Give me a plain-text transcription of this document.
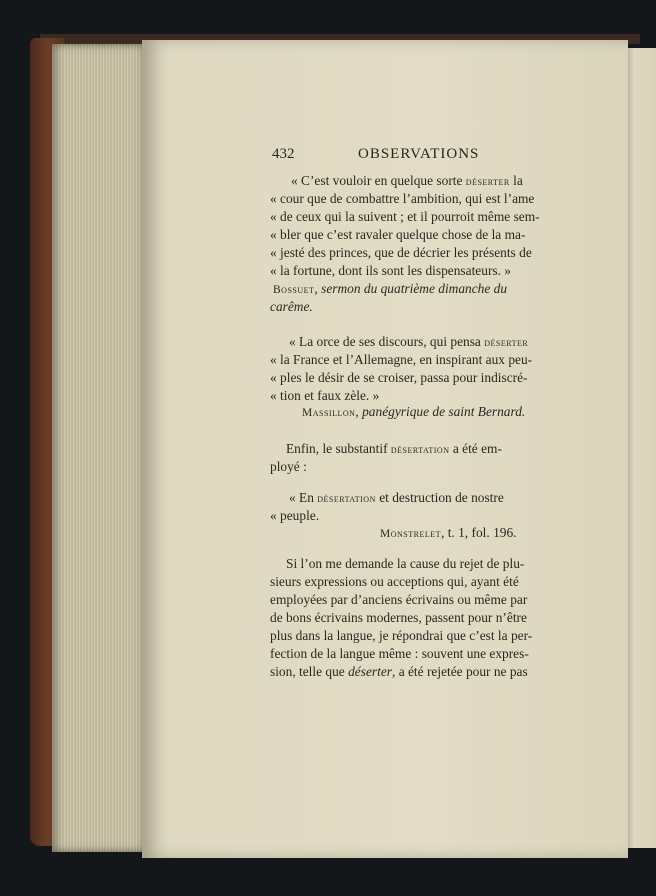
432	OBSERVATIONS
« C’est vouloir en quelque sorte déserter la
« cour que de combattre l’ambition, qui est l’ame
« de ceux qui la suivent ; et il pourroit même sem-
« bler que c’est ravaler quelque chose de la ma-
« jesté des princes, que de décrier les présents de
« la fortune, dont ils sont les dispensateurs. »
Bossuet, sermon du quatrième dimanche du
carême.
« La orce de ses discours, qui pensa déserter
« la France et l’Allemagne, en inspirant aux peu-
« ples le désir de se croiser, passa pour indiscré-
« tion et faux zèle. »
Massillon, panégyrique de saint Bernard.
Enfin, le substantif désertation a été em-
ployé :
« En désertation et destruction de nostre
« peuple.
Monstrelet, t. 1, fol. 196.
Si l’on me demande la cause du rejet de plu-
sieurs expressions ou acceptions qui, ayant été
employées par d’anciens écrivains ou même par
de bons écrivains modernes, passent pour n’être
plus dans la langue, je répondrai que c’est la per-
fection de la langue même : souvent une expres-
sion, telle que déserter, a été rejetée pour ne pas
